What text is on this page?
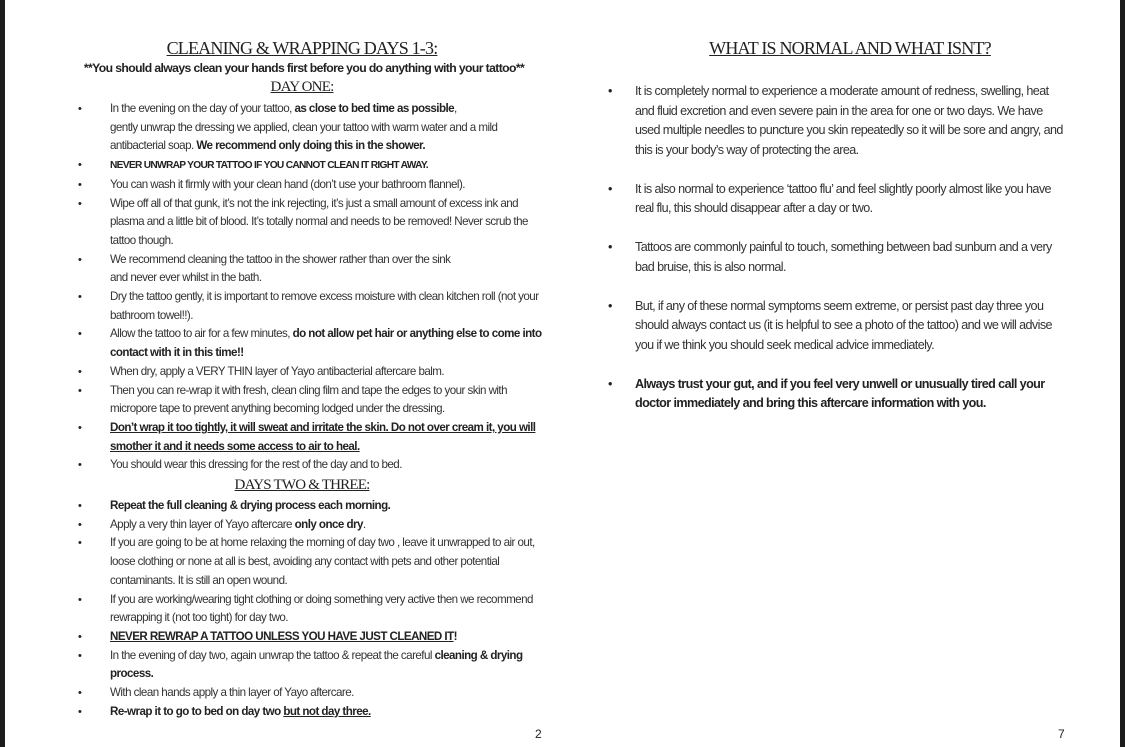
CLEANING & WRAPPING DAYS 1-3:
**You should always clean your hands first before you do anything with your tattoo**
DAY ONE:
• In the evening on the day of your tattoo, as close to bed time as possible,
gently unwrap the dressing we applied, clean your tattoo with warm water and a mild antibacterial soap. We recommend only doing this in the shower.
•	NEVER UNWRAP YOUR TATTOO IF YOU CANNOT CLEAN IT RIGHT AWAY.
• You can wash it firmly with your clean hand (don’t use your bathroom flannel).
• Wipe off all of that gunk, it’s not the ink rejecting, it’s just a small amount of excess ink and plasma and a little bit of blood. It’s totally normal and needs to be removed! Never scrub the tattoo though.
• We recommend cleaning the tattoo in the shower rather than over the sink
and never ever whilst in the bath.
• Dry the tattoo gently, it is important to remove excess moisture with clean kitchen roll (not your bathroom towel!!).
• Allow the tattoo to air for a few minutes, do not allow pet hair or anything else to come into contact with it in this time!!
• When dry, apply a VERY THIN layer of Yayo antibacterial aftercare balm.
• Then you can re-wrap it with fresh, clean cling film and tape the edges to your skin with micropore tape to prevent anything becoming lodged under the dressing.
• Don’t wrap it too tightly, it will sweat and irritate the skin. Do not over cream it, you will smother it and it needs some access to air to heal.
• You should wear this dressing for the rest of the day and to bed.
DAYS TWO & THREE:
• Repeat the full cleaning & drying process each morning.
• Apply a very thin layer of Yayo aftercare only once dry.
• If you are going to be at home relaxing the morning of day two , leave it unwrapped to air out, loose clothing or none at all is best, avoiding any contact with pets and other potential contaminants. It is still an open wound.
• If you are working/wearing tight clothing or doing something very active then we recommend rewrapping it (not too tight) for day two.
• NEVER REWRAP A TATTOO UNLESS YOU HAVE JUST CLEANED IT!
• In the evening of day two, again unwrap the tattoo & repeat the careful cleaning & drying process.
• With clean hands apply a thin layer of Yayo aftercare.
• Re-wrap it to go to bed on day two but not day three.
2
WHAT IS NORMAL AND WHAT ISNT?
• It is completely normal to experience a moderate amount of redness, swelling, heat and fluid excretion and even severe pain in the area for one or two days. We have used multiple needles to puncture you skin repeatedly so it will be sore and angry, and this is your body’s way of protecting the area.
• It is also normal to experience ‘tattoo flu’ and feel slightly poorly almost like you have real flu, this should disappear after a day or two.
• Tattoos are commonly painful to touch, something between bad sunburn and a very bad bruise, this is also normal.
• But, if any of these normal symptoms seem extreme, or persist past day three you should always contact us (it is helpful to see a photo of the tattoo) and we will advise you if we think you should seek medical advice immediately.
• Always trust your gut, and if you feel very unwell or unusually tired call your doctor immediately and bring this aftercare information with you.
7
